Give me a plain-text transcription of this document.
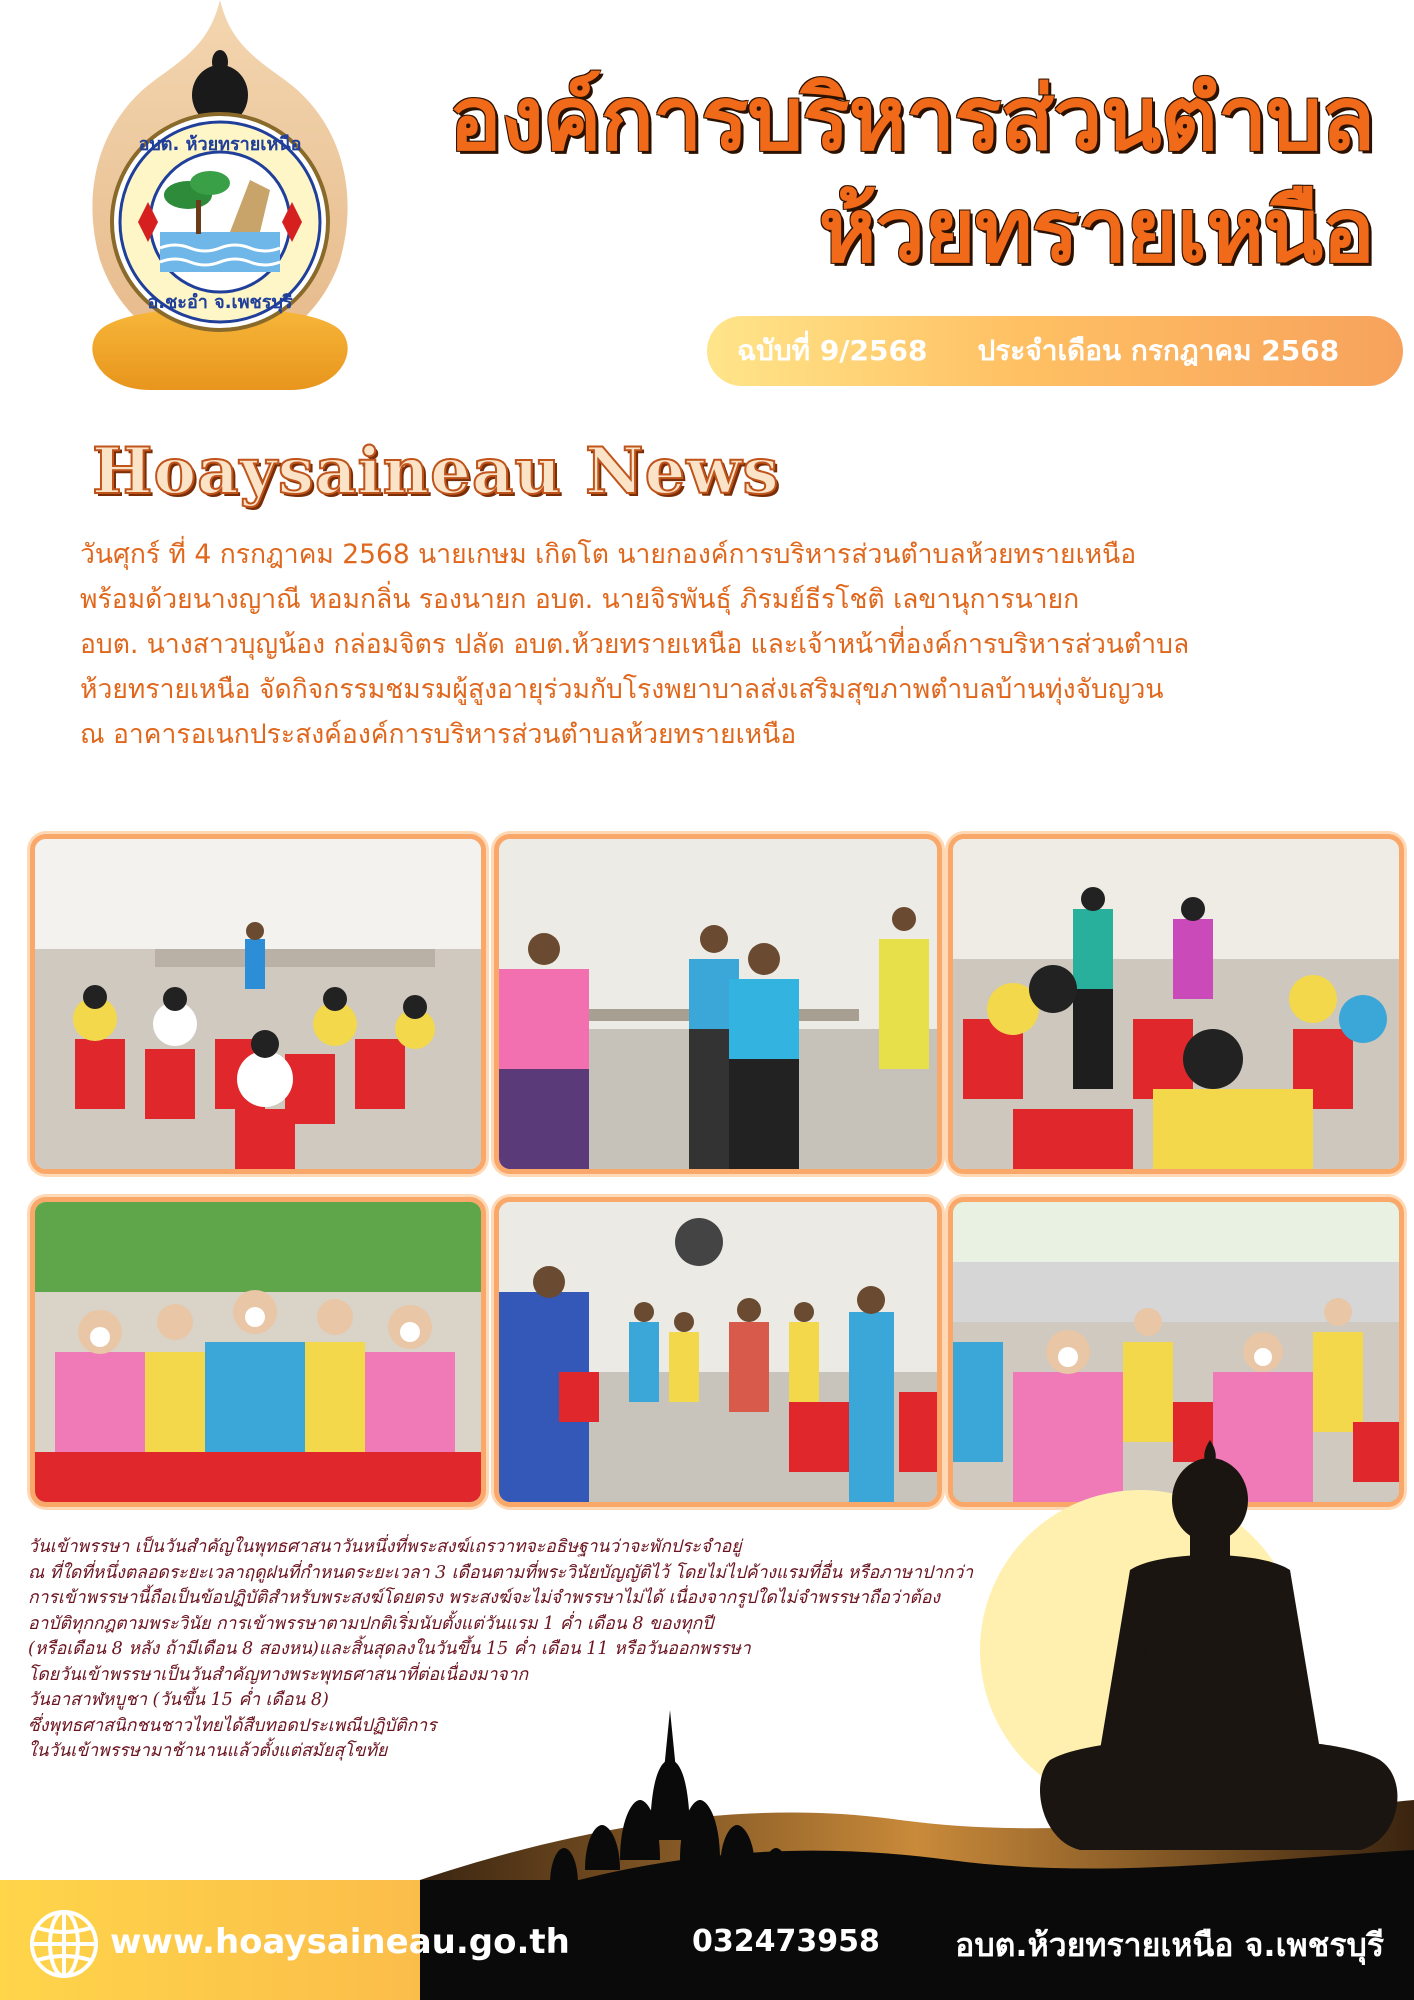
อบต. ห้วยทรายเหนือ
อ.ชะอำ จ.เพชรบุรี
องค์การบริหารส่วนตำบล
ห้วยทรายเหนือ
ฉบับที่ 9/2568 ประจำเดือน กรกฎาคม 2568
Hoaysaineau News
วันศุกร์ ที่ 4 กรกฎาคม 2568 นายเกษม เกิดโต นายกองค์การบริหารส่วนตำบลห้วยทรายเหนือ
พร้อมด้วยนางญาณี หอมกลิ่น รองนายก อบต. นายจิรพันธุ์ ภิรมย์ธีรโชติ เลขานุการนายก
อบต. นางสาวบุญน้อง กล่อมจิตร ปลัด อบต.ห้วยทรายเหนือ และเจ้าหน้าที่องค์การบริหารส่วนตำบล
ห้วยทรายเหนือ จัดกิจกรรมชมรมผู้สูงอายุร่วมกับโรงพยาบาลส่งเสริมสุขภาพตำบลบ้านทุ่งจับญวน
ณ อาคารอเนกประสงค์องค์การบริหารส่วนตำบลห้วยทรายเหนือ
วันเข้าพรรษา เป็นวันสำคัญในพุทธศาสนาวันหนึ่งที่พระสงฆ์เถรวาทจะอธิษฐานว่าจะพักประจำอยู่
ณ ที่ใดที่หนึ่งตลอดระยะเวลาฤดูฝนที่กำหนดระยะเวลา 3 เดือนตามที่พระวินัยบัญญัติไว้ โดยไม่ไปค้างแรมที่อื่น หรือภาษาปากว่า
การเข้าพรรษานี้ถือเป็นข้อปฏิบัติสำหรับพระสงฆ์โดยตรง พระสงฆ์จะไม่จำพรรษาไม่ได้ เนื่องจากรูปใดไม่จำพรรษาถือว่าต้อง
อาบัติทุกกฎตามพระวินัย การเข้าพรรษาตามปกติเริ่มนับตั้งแต่วันแรม 1 ค่ำ เดือน 8 ของทุกปี
(หรือเดือน 8 หลัง ถ้ามีเดือน 8 สองหน)และสิ้นสุดลงในวันขึ้น 15 ค่ำ เดือน 11 หรือวันออกพรรษา
โดยวันเข้าพรรษาเป็นวันสำคัญทางพระพุทธศาสนาที่ต่อเนื่องมาจาก
วันอาสาฬหบูชา (วันขึ้น 15 ค่ำ เดือน 8)
ซึ่งพุทธศาสนิกชนชาวไทยได้สืบทอดประเพณีปฏิบัติการ
ในวันเข้าพรรษามาช้านานแล้วตั้งแต่สมัยสุโขทัย
www.hoaysaineau.go.th	032473958 อบต.ห้วยทรายเหนือ จ.เพชรบุรี
